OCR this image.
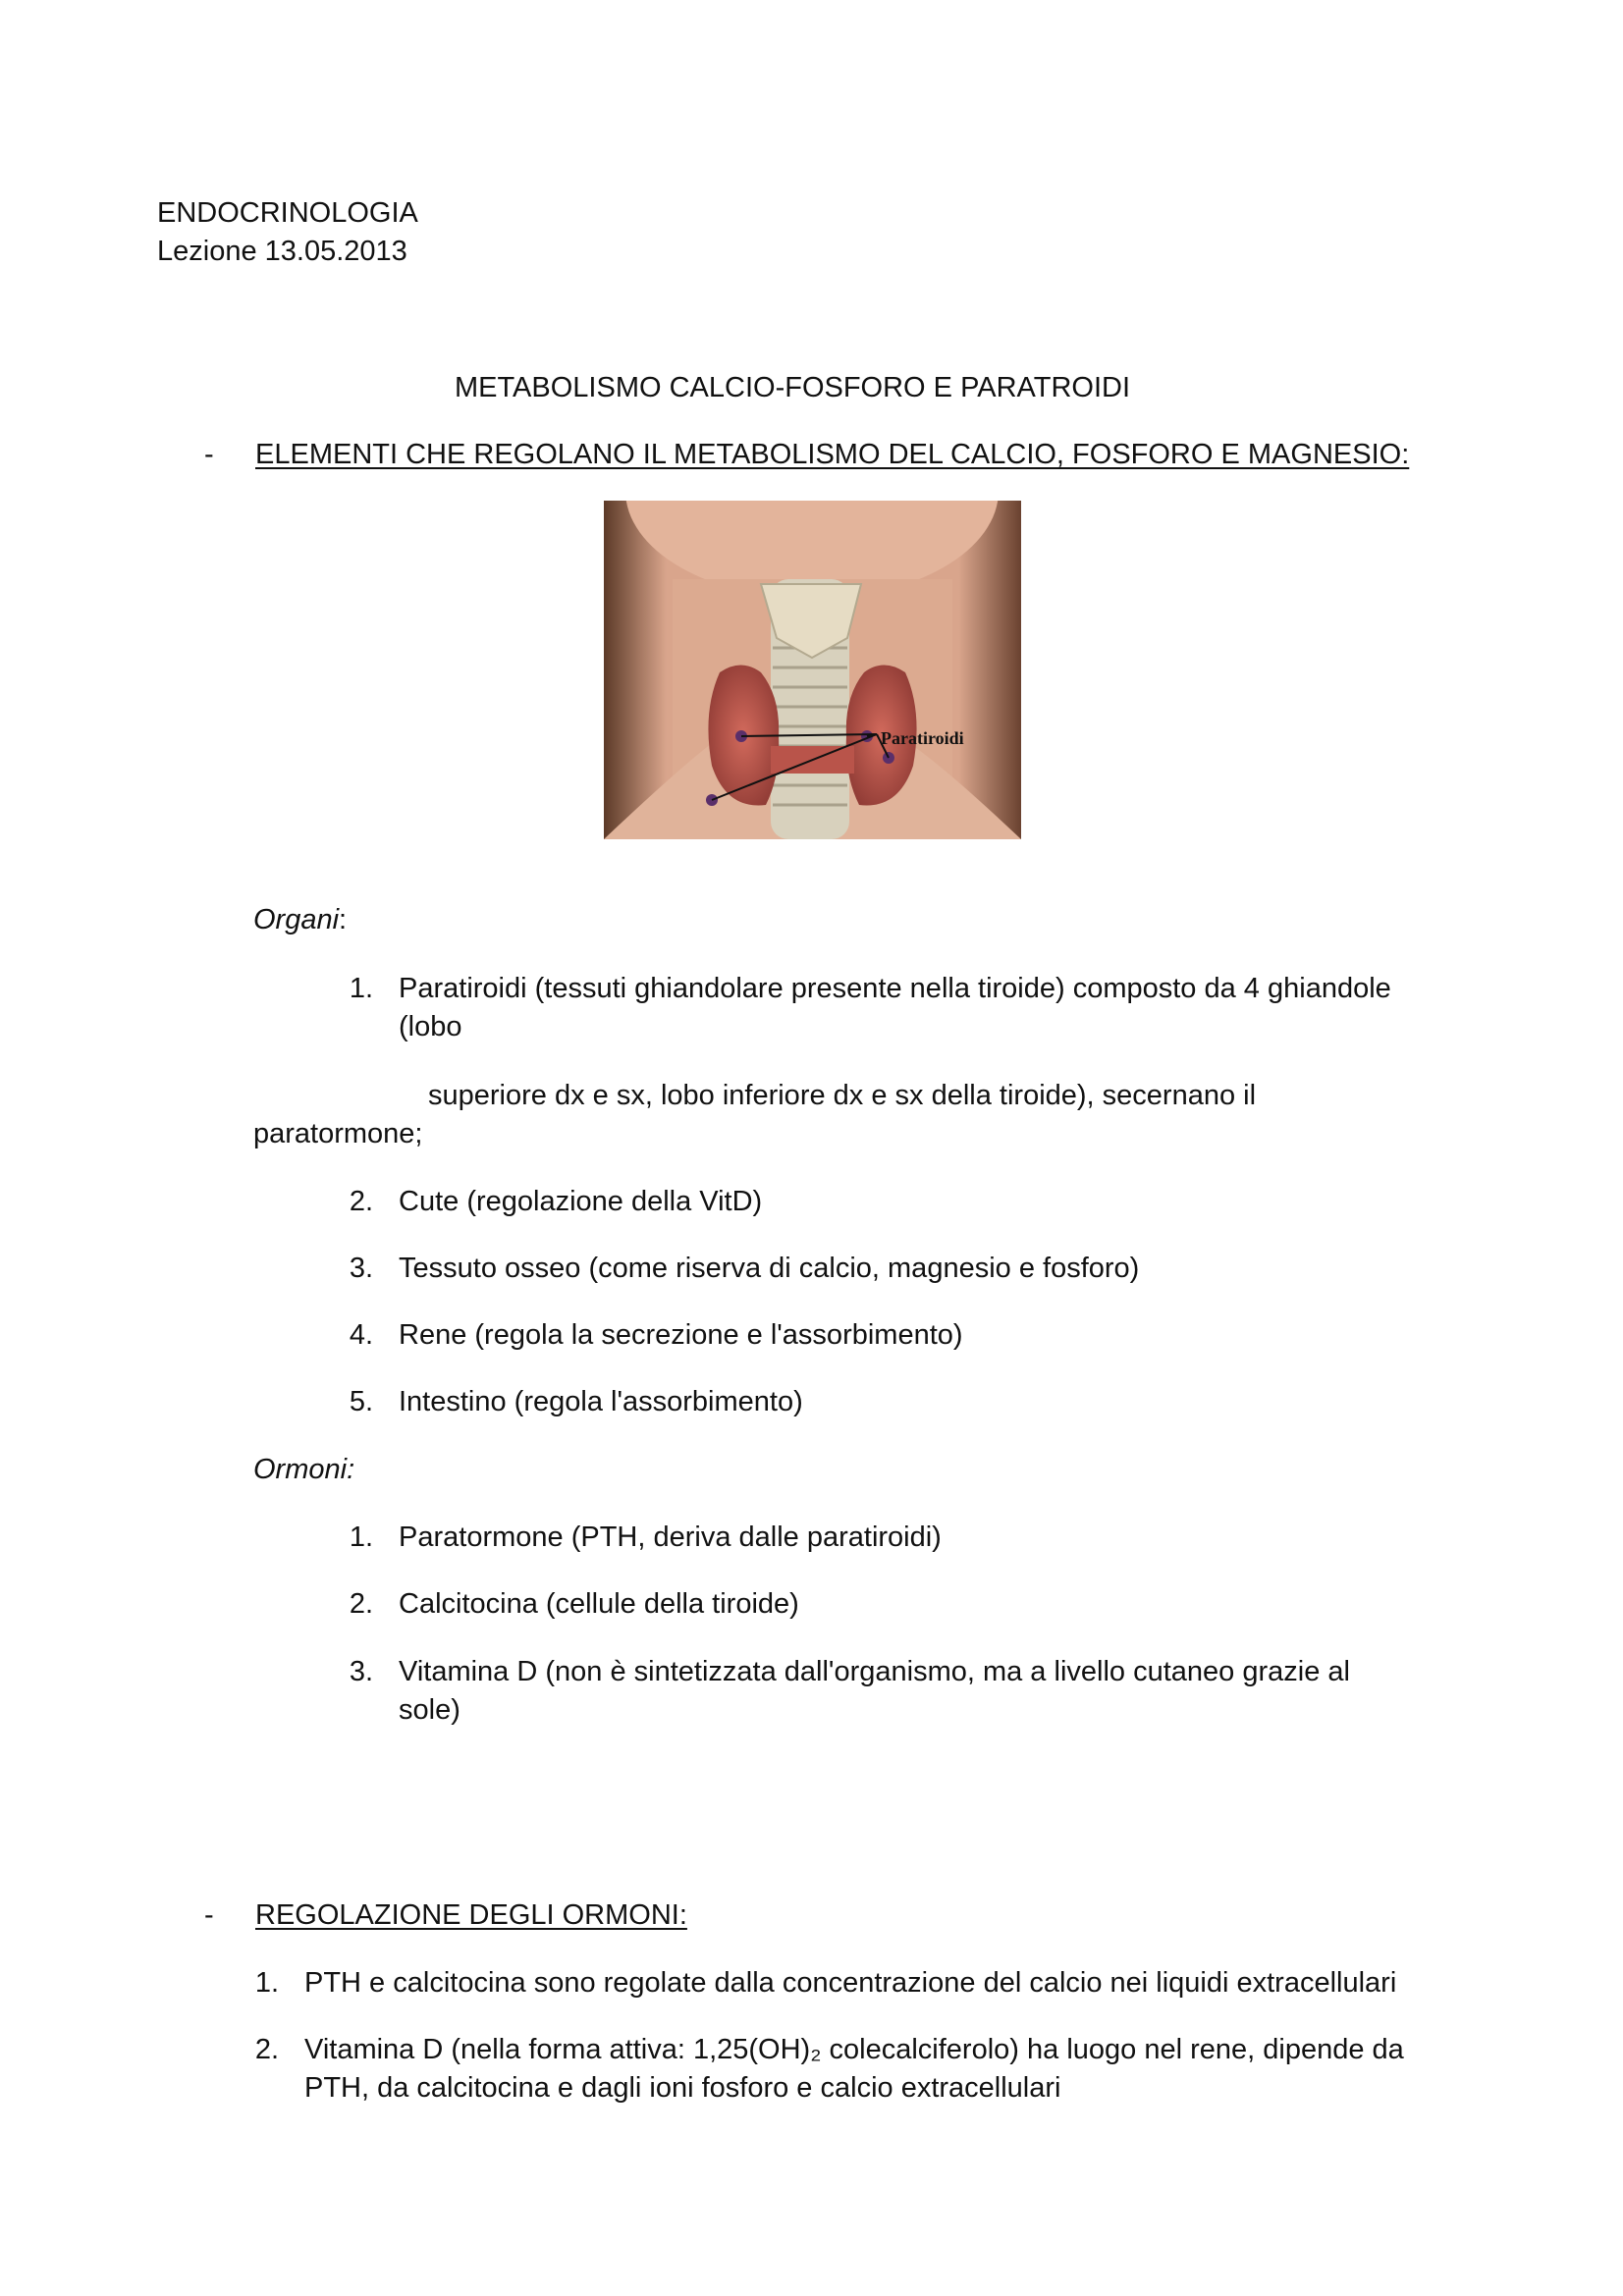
ENDOCRINOLOGIA
Lezione 13.05.2013
METABOLISMO CALCIO-FOSFORO E PARATROIDI
- ELEMENTI CHE REGOLANO IL METABOLISMO DEL CALCIO, FOSFORO E MAGNESIO:
Paratiroidi
Organi:
1. Paratiroidi (tessuti ghiandolare presente nella tiroide) composto da 4 ghiandole
(lobo
superiore dx e sx, lobo inferiore dx e sx della tiroide), secernano il
paratormone;
2. Cute (regolazione della VitD)
3. Tessuto osseo (come riserva di calcio, magnesio e fosforo)
4. Rene (regola la secrezione e l'assorbimento)
5. Intestino (regola l'assorbimento)
Ormoni:
1. Paratormone (PTH, deriva dalle paratiroidi)
2. Calcitocina (cellule della tiroide)
3. Vitamina D (non è sintetizzata dall'organismo, ma a livello cutaneo grazie al
sole)
- REGOLAZIONE DEGLI ORMONI:
1. PTH e calcitocina sono regolate dalla concentrazione del calcio nei liquidi extracellulari
2. Vitamina D (nella forma attiva: 1,25(OH)₂ colecalciferolo) ha luogo nel rene, dipende da
PTH, da calcitocina e dagli ioni fosforo e calcio extracellulari
